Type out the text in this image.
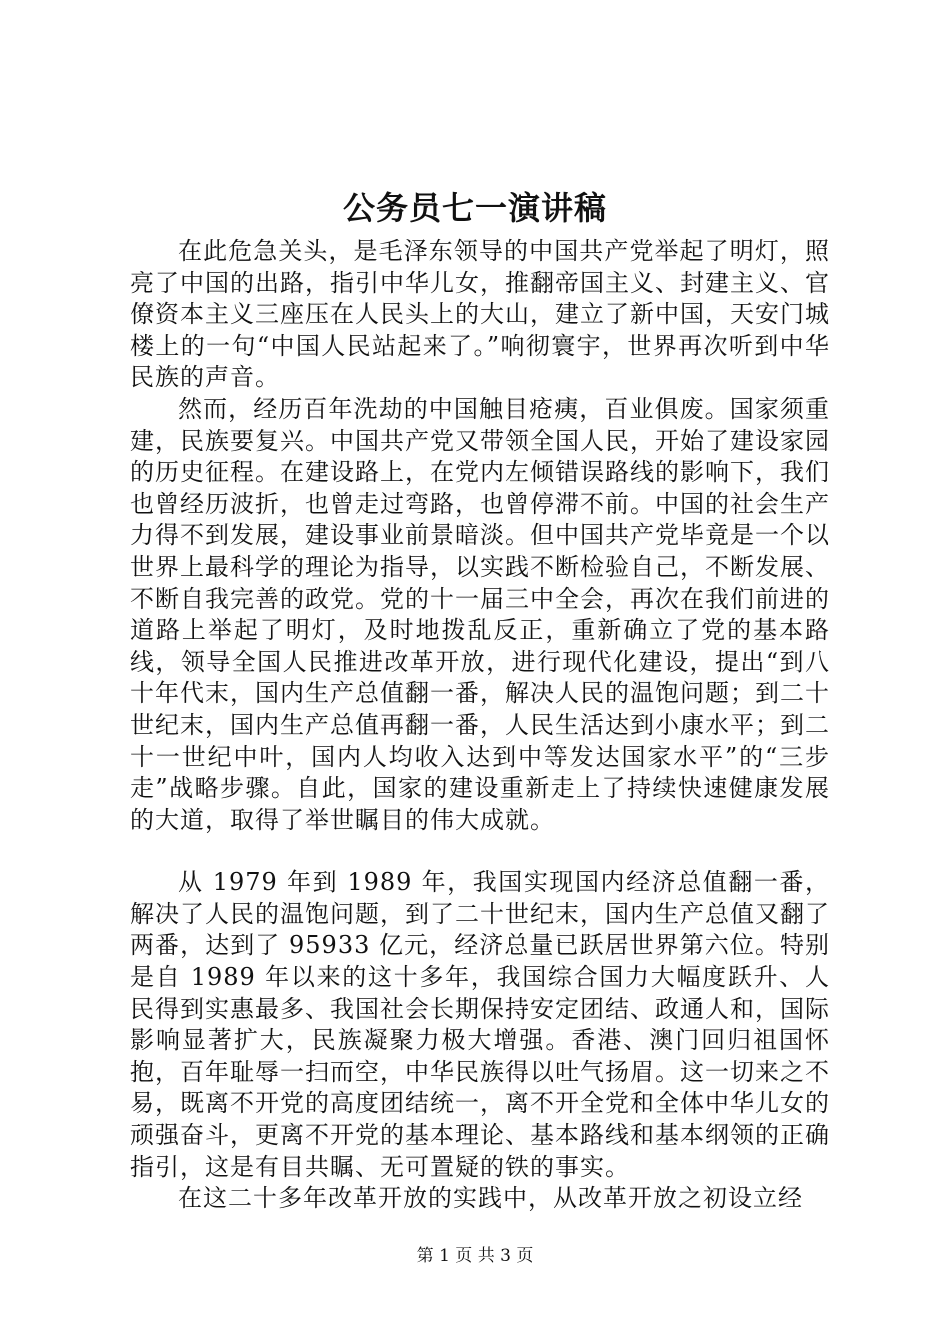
公务员七一演讲稿

在此危急关头，是毛泽东领导的中国共产党举起了明灯，照亮了中国的出路，指引中华儿女，推翻帝国主义、封建主义、官僚资本主义三座压在人民头上的大山，建立了新中国，天安门城楼上的一句“中国人民站起来了。”响彻寰宇，世界再次听到中华民族的声音。

然而，经历百年洗劫的中国触目疮痍，百业俱废。国家须重建，民族要复兴。中国共产党又带领全国人民，开始了建设家园的历史征程。在建设路上，在党内左倾错误路线的影响下，我们也曾经历波折，也曾走过弯路，也曾停滞不前。中国的社会生产力得不到发展，建设事业前景暗淡。但中国共产党毕竟是一个以世界上最科学的理论为指导，以实践不断检验自己，不断发展、不断自我完善的政党。党的十一届三中全会，再次在我们前进的道路上举起了明灯，及时地拨乱反正，重新确立了党的基本路线，领导全国人民推进改革开放，进行现代化建设，提出“到八十年代末，国内生产总值翻一番，解决人民的温饱问题；到二十世纪末，国内生产总值再翻一番，人民生活达到小康水平；到二十一世纪中叶，国内人均收入达到中等发达国家水平”的“三步走”战略步骤。自此，国家的建设重新走上了持续快速健康发展的大道，取得了举世瞩目的伟大成就。

从 1979 年到 1989 年，我国实现国内经济总值翻一番，解决了人民的温饱问题，到了二十世纪末，国内生产总值又翻了两番，达到了 95933 亿元，经济总量已跃居世界第六位。特别是自 1989 年以来的这十多年，我国综合国力大幅度跃升、人民得到实惠最多、我国社会长期保持安定团结、政通人和，国际影响显著扩大，民族凝聚力极大增强。香港、澳门回归祖国怀抱，百年耻辱一扫而空，中华民族得以吐气扬眉。这一切来之不易，既离不开党的高度团结统一，离不开全党和全体中华儿女的顽强奋斗，更离不开党的基本理论、基本路线和基本纲领的正确指引，这是有目共瞩、无可置疑的铁的事实。

在这二十多年改革开放的实践中，从改革开放之初设立经

第 1 页 共 3 页
